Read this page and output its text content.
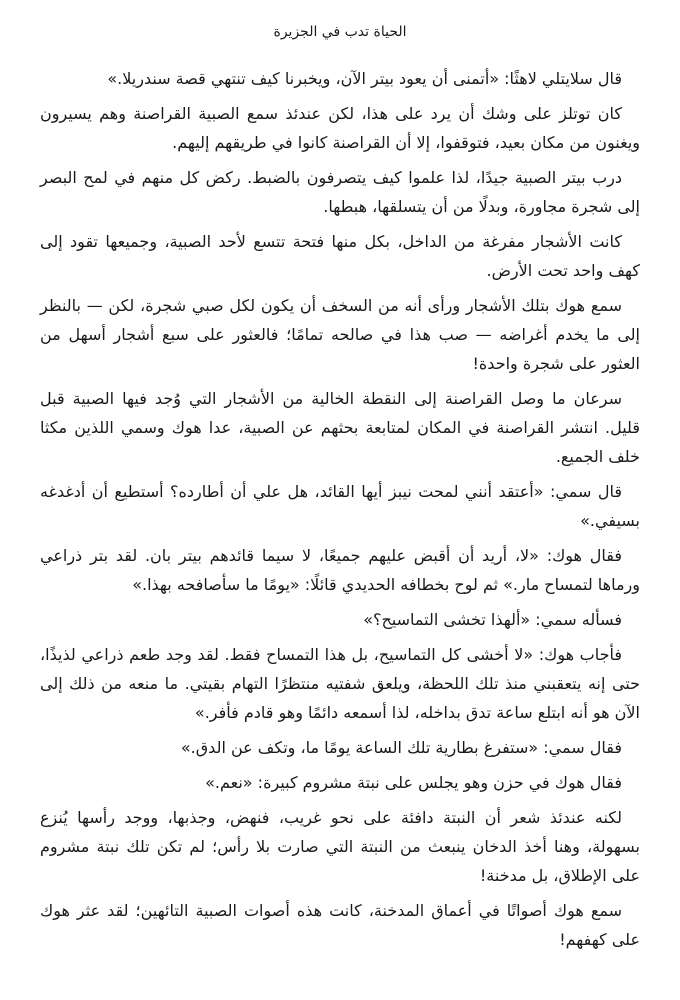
الحياة تدب في الجزيرة

قال سلايتلي لاهثًا: «أتمنى أن يعود بيتر الآن، ويخبرنا كيف تنتهي قصة سندريلا.»

كان توتلز على وشك أن يرد على هذا، لكن عندئذ سمع الصبية القراصنة وهم يسيرون ويغنون من مكان بعيد، فتوقفوا، إلا أن القراصنة كانوا في طريقهم إليهم.

درب بيتر الصبية جيدًا، لذا علموا كيف يتصرفون بالضبط. ركض كل منهم في لمح البصر إلى شجرة مجاورة، وبدلًا من أن يتسلقها، هبطها.

كانت الأشجار مفرغة من الداخل، بكل منها فتحة تتسع لأحد الصبية، وجميعها تقود إلى كهف واحد تحت الأرض.

سمع هوك بتلك الأشجار ورأى أنه من السخف أن يكون لكل صبي شجرة، لكن — بالنظر إلى ما يخدم أغراضه — صب هذا في صالحه تمامًا؛ فالعثور على سبع أشجار أسهل من العثور على شجرة واحدة!

سرعان ما وصل القراصنة إلى النقطة الخالية من الأشجار التي وُجد فيها الصبية قبل قليل. انتشر القراصنة في المكان لمتابعة بحثهم عن الصبية، عدا هوك وسمي اللذين مكثا خلف الجميع.

قال سمي: «أعتقد أنني لمحت نيبز أيها القائد، هل علي أن أطارده؟ أستطيع أن أدغدغه بسيفي.»

فقال هوك: «لا، أريد أن أقبض عليهم جميعًا، لا سيما قائدهم بيتر بان. لقد بتر ذراعي ورماها لتمساح مار.» ثم لوح بخطافه الحديدي قائلًا: «يومًا ما سأصافحه بهذا.»

فسأله سمي: «ألهذا تخشى التماسيح؟»

فأجاب هوك: «لا أخشى كل التماسيح، بل هذا التمساح فقط. لقد وجد طعم ذراعي لذيذًا، حتى إنه يتعقبني منذ تلك اللحظة، ويلعق شفتيه منتظرًا التهام بقيتي. ما منعه من ذلك إلى الآن هو أنه ابتلع ساعة تدق بداخله، لذا أسمعه دائمًا وهو قادم فأفر.»

فقال سمي: «ستفرغ بطارية تلك الساعة يومًا ما، وتكف عن الدق.»

فقال هوك في حزن وهو يجلس على نبتة مشروم كبيرة: «نعم.»

لكنه عندئذ شعر أن النبتة دافئة على نحو غريب، فنهض، وجذبها، ووجد رأسها يُنزع بسهولة، وهنا أخذ الدخان ينبعث من النبتة التي صارت بلا رأس؛ لم تكن تلك نبتة مشروم على الإطلاق، بل مدخنة!

سمع هوك أصواتًا في أعماق المدخنة، كانت هذه أصوات الصبية التائهين؛ لقد عثر هوك على كهفهم!
